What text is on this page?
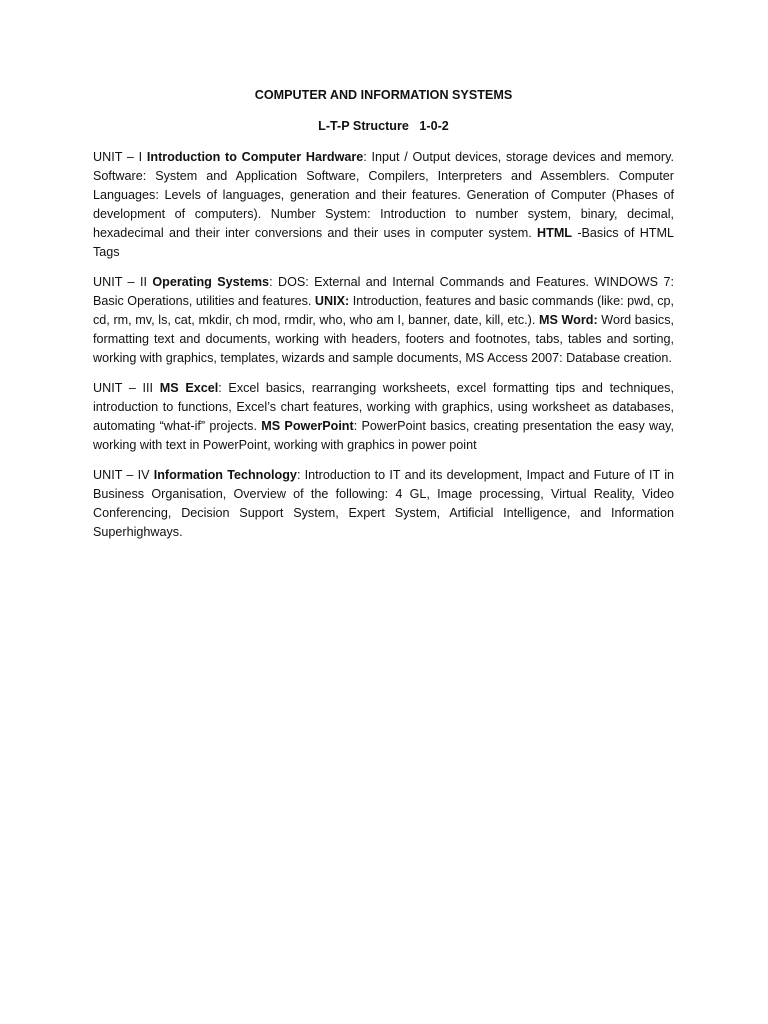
COMPUTER AND INFORMATION SYSTEMS
L-T-P Structure   1-0-2

UNIT – I Introduction to Computer Hardware: Input / Output devices, storage devices and memory. Software: System and Application Software, Compilers, Interpreters and Assemblers. Computer Languages: Levels of languages, generation and their features. Generation of Computer (Phases of development of computers). Number System: Introduction to number system, binary, decimal, hexadecimal and their inter conversions and their uses in computer system. HTML -Basics of HTML Tags

UNIT – II Operating Systems: DOS: External and Internal Commands and Features. WINDOWS 7: Basic Operations, utilities and features. UNIX: Introduction, features and basic commands (like: pwd, cp, cd, rm, mv, ls, cat, mkdir, ch mod, rmdir, who, who am I, banner, date, kill, etc.). MS Word: Word basics, formatting text and documents, working with headers, footers and footnotes, tabs, tables and sorting, working with graphics, templates, wizards and sample documents, MS Access 2007: Database creation.

UNIT – III MS Excel: Excel basics, rearranging worksheets, excel formatting tips and techniques, introduction to functions, Excel’s chart features, working with graphics, using worksheet as databases, automating “what-if” projects. MS PowerPoint: PowerPoint basics, creating presentation the easy way, working with text in PowerPoint, working with graphics in power point

UNIT – IV Information Technology: Introduction to IT and its development, Impact and Future of IT in Business Organisation, Overview of the following: 4 GL, Image processing, Virtual Reality, Video Conferencing, Decision Support System, Expert System, Artificial Intelligence, and Information Superhighways.
